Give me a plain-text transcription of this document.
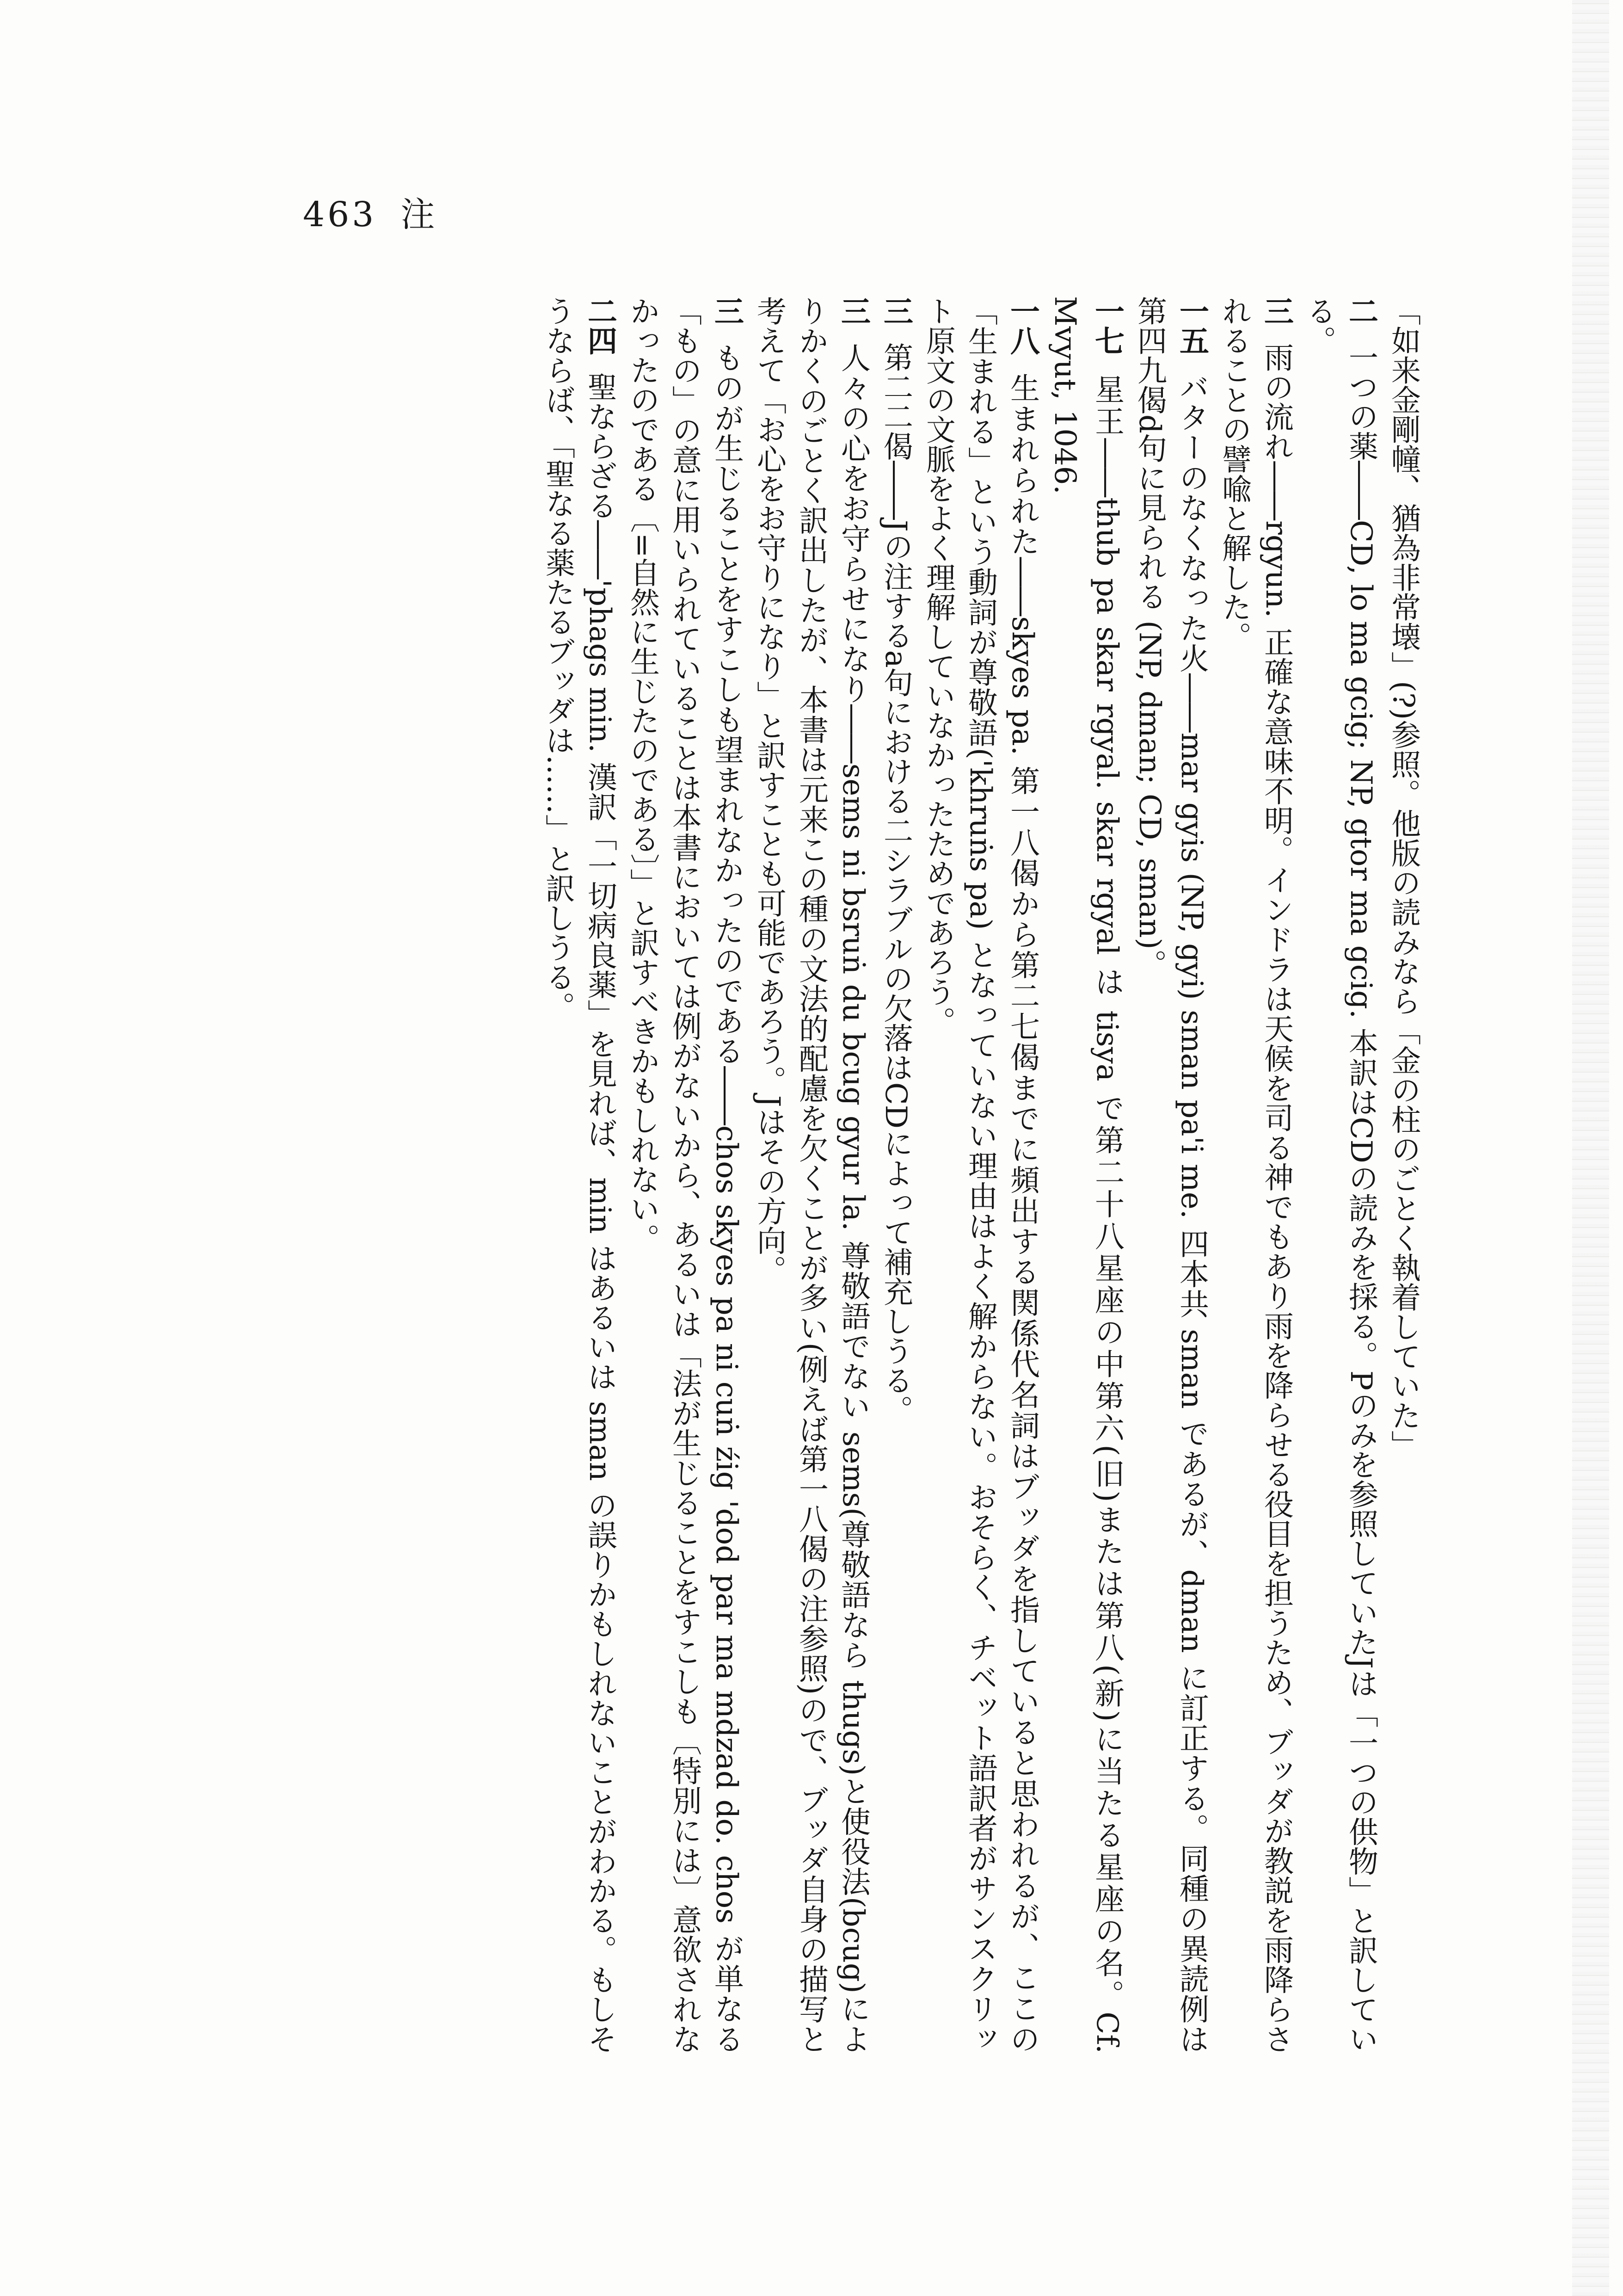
463 注

「如来金剛幢、猶為非常壊」(?)参照。他版の読みなら「金の柱のごとく執着していた」

二一つの薬――CD, lo ma gcig; NP, gtor ma gcig. 本訳はCDの読みを採る。Pのみを参照していたJは「一つの供物」と訳している。

三雨の流れ――rgyun. 正確な意味不明。インドラは天候を司る神でもあり雨を降らせる役目を担うため、ブッダが教説を雨降らされることの譬喩と解した。

一五バターのなくなった火――mar gyis (NP, gyi) sman pa'i me. 四本共 sman であるが、dman に訂正する。同種の異読例は第四九偈d句に見られる (NP, dman; CD, sman)。

一七星王――thub pa skar rgyal. skar rgyal は tisya で第二十八星座の中第六(旧)または第八(新)に当たる星座の名。Cf. Mvyut, 1046.

一八生まれられた――skyes pa. 第一八偈から第二七偈までに頻出する関係代名詞はブッダを指していると思われるが、ここの「生まれる」という動詞が尊敬語('khruṅs pa) となっていない理由はよく解からない。おそらく、チベット語訳者がサンスクリット原文の文脈をよく理解していなかったためであろう。

三第二二偈――Jの注するa句における二シラブルの欠落はCDによって補充しうる。

三人々の心をお守らせになり――sems ni bsruṅ du bcug gyur la. 尊敬語でない sems(尊敬語なら thugs)と使役法(bcug)によりかくのごとく訳出したが、本書は元来この種の文法的配慮を欠くことが多い(例えば第一八偈の注参照)ので、ブッダ自身の描写と考えて「お心をお守りになり」と訳すことも可能であろう。Jはその方向。

三ものが生じることをすこしも望まれなかったのである――chos skyes pa ni cuṅ źig 'dod par ma mdzad do. chos が単なる「もの」の意に用いられていることは本書においては例がないから、あるいは「法が生じることをすこしも〔特別には〕意欲されなかったのである〔=自然に生じたのである〕」と訳すべきかもしれない。

二四聖ならざる――'phags min. 漢訳「一切病良薬」を見れば、min はあるいは sman の誤りかもしれないことがわかる。もしそうならば、「聖なる薬たるブッダは……」と訳しうる。
